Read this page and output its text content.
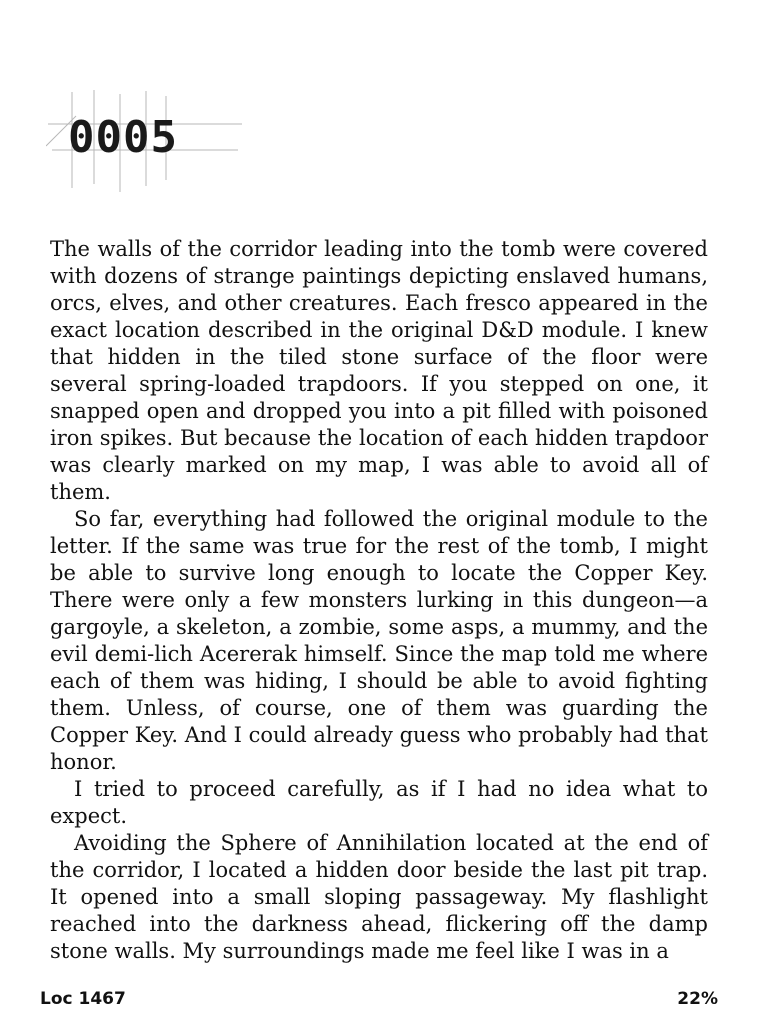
0005

The walls of the corridor leading into the tomb were covered with dozens of strange paintings depicting enslaved humans, orcs, elves, and other creatures. Each fresco appeared in the exact location described in the original D&D module. I knew that hidden in the tiled stone surface of the floor were several spring-loaded trapdoors. If you stepped on one, it snapped open and dropped you into a pit filled with poisoned iron spikes. But because the location of each hidden trapdoor was clearly marked on my map, I was able to avoid all of them.

So far, everything had followed the original module to the letter. If the same was true for the rest of the tomb, I might be able to survive long enough to locate the Copper Key. There were only a few monsters lurking in this dungeon—a gargoyle, a skeleton, a zombie, some asps, a mummy, and the evil demi-lich Acererak himself. Since the map told me where each of them was hiding, I should be able to avoid fighting them. Unless, of course, one of them was guarding the Copper Key. And I could already guess who probably had that honor.

I tried to proceed carefully, as if I had no idea what to expect.

Avoiding the Sphere of Annihilation located at the end of the corridor, I located a hidden door beside the last pit trap. It opened into a small sloping passageway. My flashlight reached into the darkness ahead, flickering off the damp stone walls. My surroundings made me feel like I was in a

Loc 1467	22%
